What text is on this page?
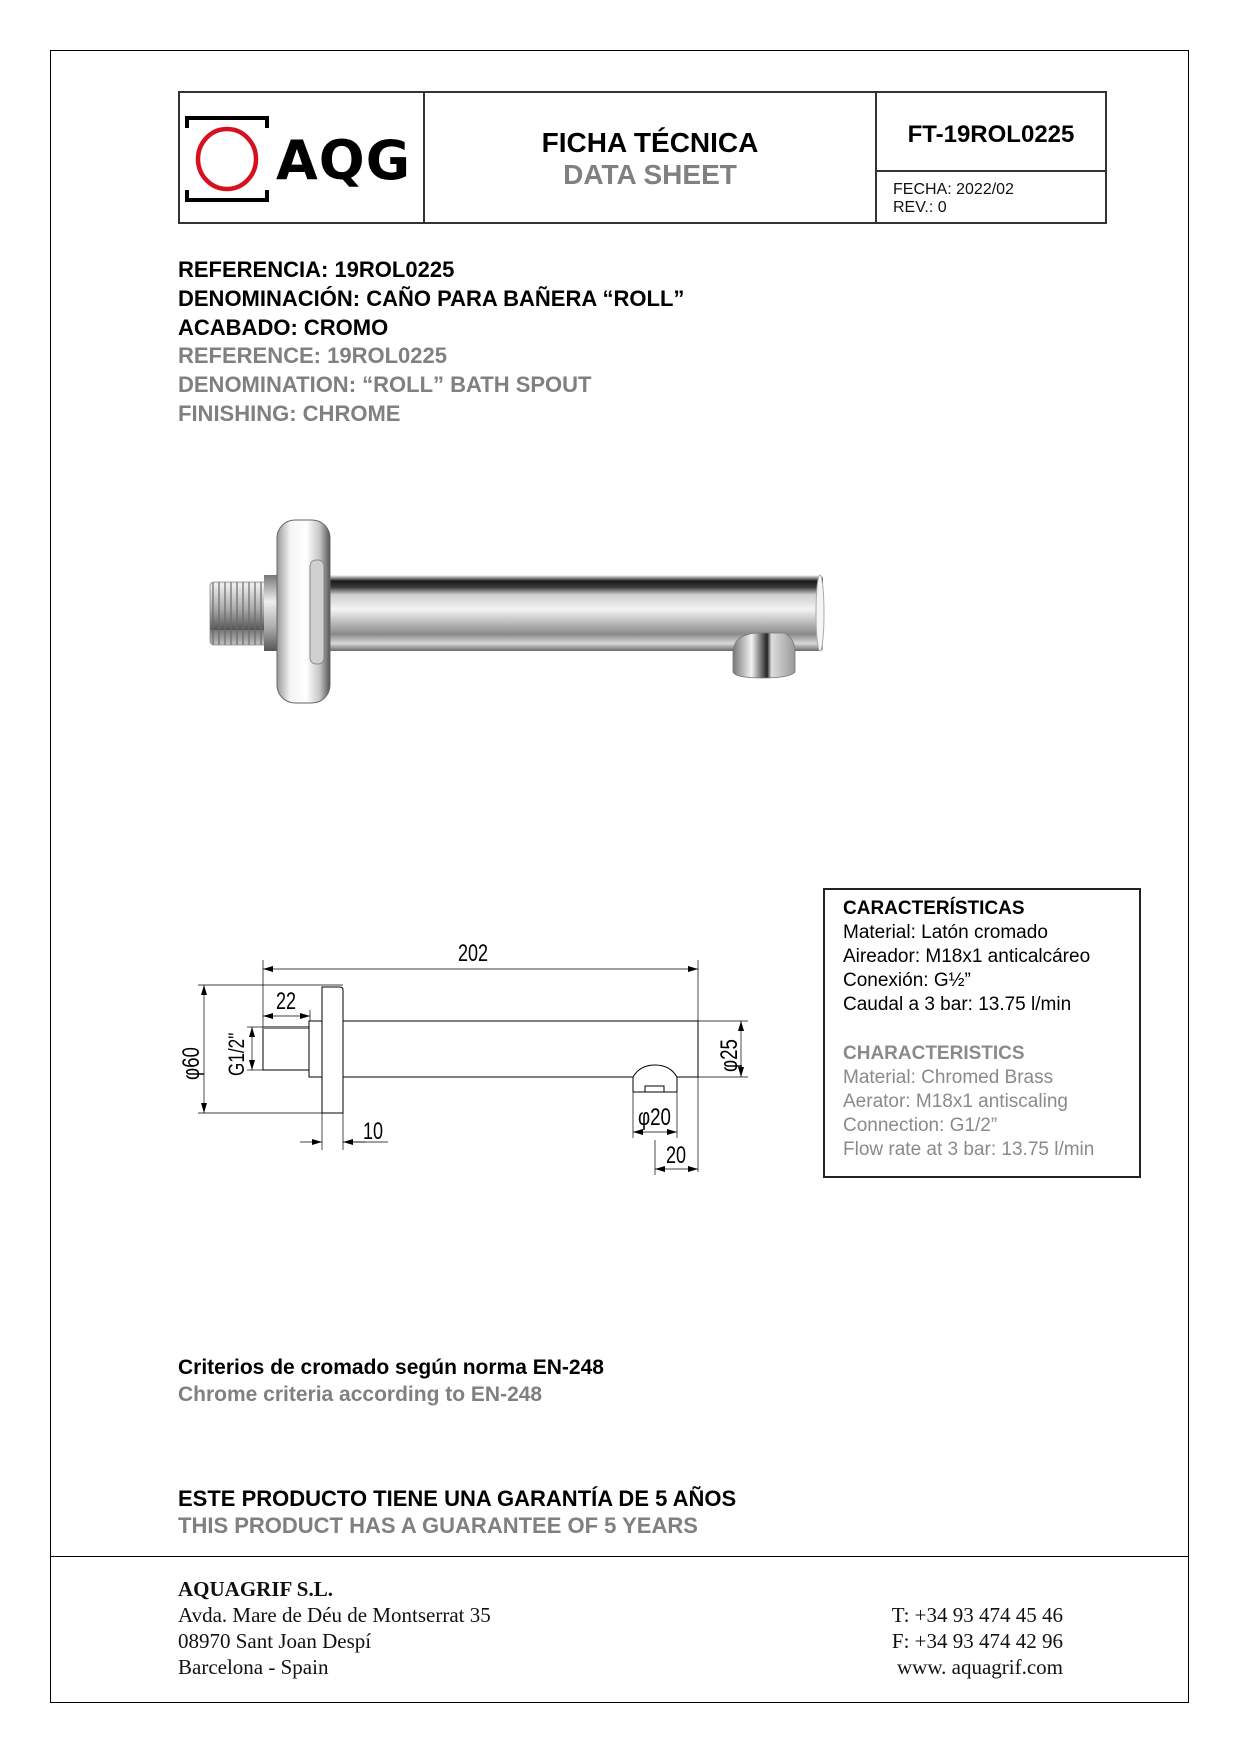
AQG	FICHA TÉCNICA
DATA SHEET
FT-19ROL0225
FECHA: 2022/02
REV.: 0
REFERENCIA: 19ROL0225
DENOMINACIÓN: CAÑO PARA BAÑERA “ROLL”
ACABADO: CROMO
REFERENCE: 19ROL0225
DENOMINATION: “ROLL” BATH SPOUT
FINISHING: CHROME
202
22
φ60 G1/2"
10
φ25
φ20
20
CARACTERÍSTICAS
Material: Latón cromado
Aireador: M18x1 anticalcáreo
Conexión: G½”
Caudal a 3 bar: 13.75 l/min
CHARACTERISTICS
Material: Chromed Brass
Aerator: M18x1 antiscaling
Connection: G1/2”
Flow rate at 3 bar: 13.75 l/min
Criterios de cromado según norma EN-248
Chrome criteria according to EN-248
ESTE PRODUCTO TIENE UNA GARANTÍA DE 5 AÑOS
THIS PRODUCT HAS A GUARANTEE OF 5 YEARS
AQUAGRIF S.L.
Avda. Mare de Déu de Montserrat 35
08970 Sant Joan Despí
Barcelona - Spain
T: +34 93 474 45 46
F: +34 93 474 42 96
www. aquagrif.com
